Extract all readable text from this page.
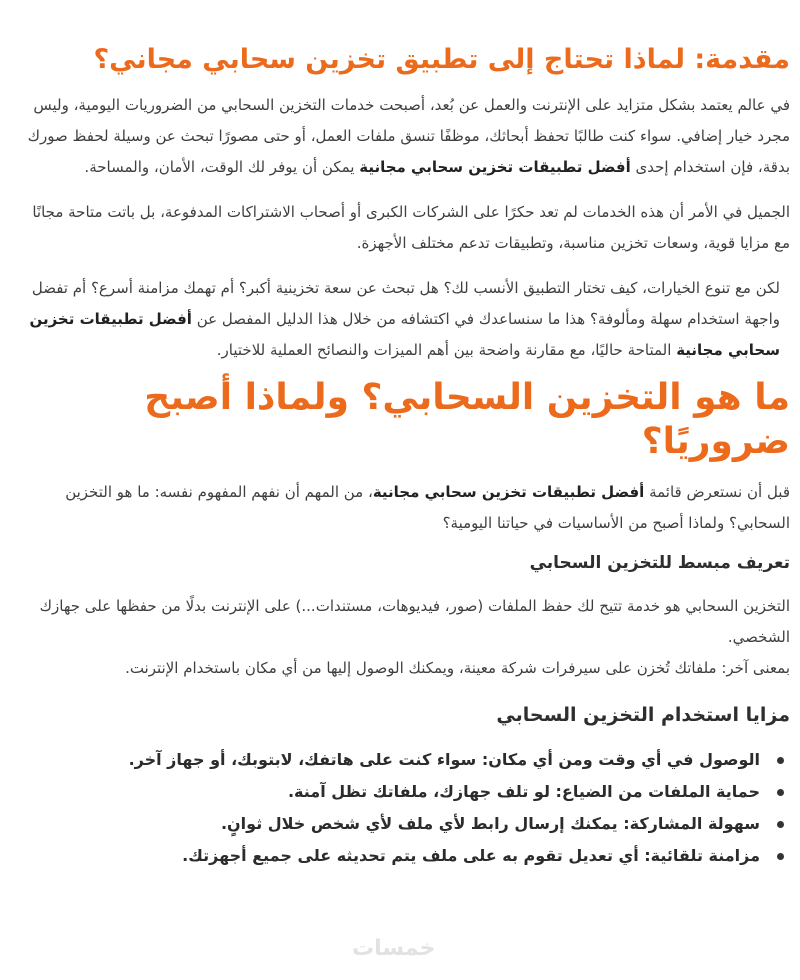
مقدمة: لماذا تحتاج إلى تطبيق تخزين سحابي مجاني؟

في عالم يعتمد بشكل متزايد على الإنترنت والعمل عن بُعد، أصبحت خدمات التخزين السحابي من الضروريات اليومية، وليس مجرد خيار إضافي. سواء كنت طالبًا تحفظ أبحاثك، موظفًا تنسق ملفات العمل، أو حتى مصورًا تبحث عن وسيلة لحفظ صورك بدقة، فإن استخدام إحدى أفضل تطبيقات تخزين سحابي مجانية يمكن أن يوفر لك الوقت، الأمان، والمساحة.

الجميل في الأمر أن هذه الخدمات لم تعد حكرًا على الشركات الكبرى أو أصحاب الاشتراكات المدفوعة، بل باتت متاحة مجانًا مع مزايا قوية، وسعات تخزين مناسبة، وتطبيقات تدعم مختلف الأجهزة.

لكن مع تنوع الخيارات، كيف تختار التطبيق الأنسب لك؟ هل تبحث عن سعة تخزينية أكبر؟ أم تهمك مزامنة أسرع؟ أم تفضل واجهة استخدام سهلة ومألوفة؟ هذا ما سنساعدك في اكتشافه من خلال هذا الدليل المفصل عن أفضل تطبيقات تخزين سحابي مجانية المتاحة حاليًا، مع مقارنة واضحة بين أهم الميزات والنصائح العملية للاختيار.

ما هو التخزين السحابي؟ ولماذا أصبح ضروريًا؟

قبل أن نستعرض قائمة أفضل تطبيقات تخزين سحابي مجانية، من المهم أن نفهم المفهوم نفسه: ما هو التخزين السحابي؟ ولماذا أصبح من الأساسيات في حياتنا اليومية؟

تعريف مبسط للتخزين السحابي

التخزين السحابي هو خدمة تتيح لك حفظ الملفات (صور، فيديوهات، مستندات...) على الإنترنت بدلًا من حفظها على جهازك الشخصي.

بمعنى آخر: ملفاتك تُخزن على سيرفرات شركة معينة، ويمكنك الوصول إليها من أي مكان باستخدام الإنترنت.

مزايا استخدام التخزين السحابي
الوصول في أي وقت ومن أي مكان: سواء كنت على هاتفك، لابتوبك، أو جهاز آخر.
حماية الملفات من الضياع: لو تلف جهازك، ملفاتك تظل آمنة.
سهولة المشاركة: يمكنك إرسال رابط لأي ملف لأي شخص خلال ثوانٍ.
مزامنة تلقائية: أي تعديل تقوم به على ملف يتم تحديثه على جميع أجهزتك.
خمسات
